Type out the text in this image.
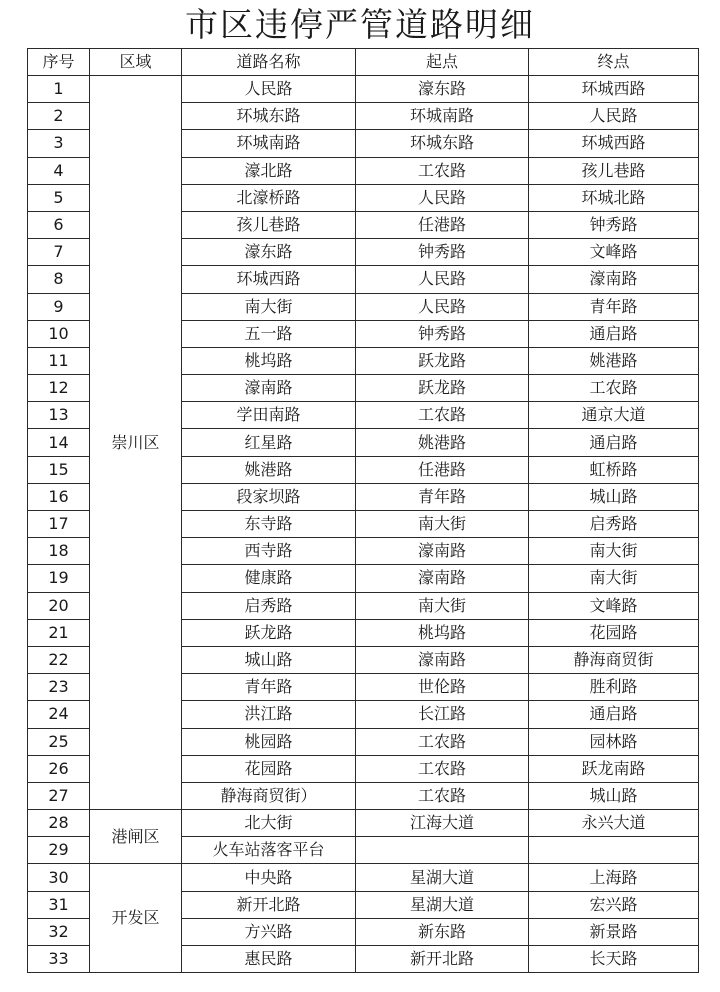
市区违停严管道路明细
序号	区域	道路名称	起点	终点
1	崇川区	人民路	濠东路	环城西路
2		环城东路	环城南路	人民路
3		环城南路	环城东路	环城西路
4		濠北路	工农路	孩儿巷路
5		北濠桥路	人民路	环城北路
6		孩儿巷路	任港路	钟秀路
7		濠东路	钟秀路	文峰路
8		环城西路	人民路	濠南路
9		南大街	人民路	青年路
10		五一路	钟秀路	通启路
11		桃坞路	跃龙路	姚港路
12		濠南路	跃龙路	工农路
13		学田南路	工农路	通京大道
14		红星路	姚港路	通启路
15		姚港路	任港路	虹桥路
16		段家坝路	青年路	城山路
17		东寺路	南大街	启秀路
18		西寺路	濠南路	南大街
19		健康路	濠南路	南大街
20		启秀路	南大街	文峰路
21		跃龙路	桃坞路	花园路
22		城山路	濠南路	静海商贸街
23		青年路	世伦路	胜利路
24		洪江路	长江路	通启路
25		桃园路	工农路	园林路
26		花园路	工农路	跃龙南路
27		静海商贸街）	工农路	城山路
28	港闸区	北大街	江海大道	永兴大道
29		火车站落客平台		
30	开发区	中央路	星湖大道	上海路
31		新开北路	星湖大道	宏兴路
32		方兴路	新东路	新景路
33		惠民路	新开北路	长天路
